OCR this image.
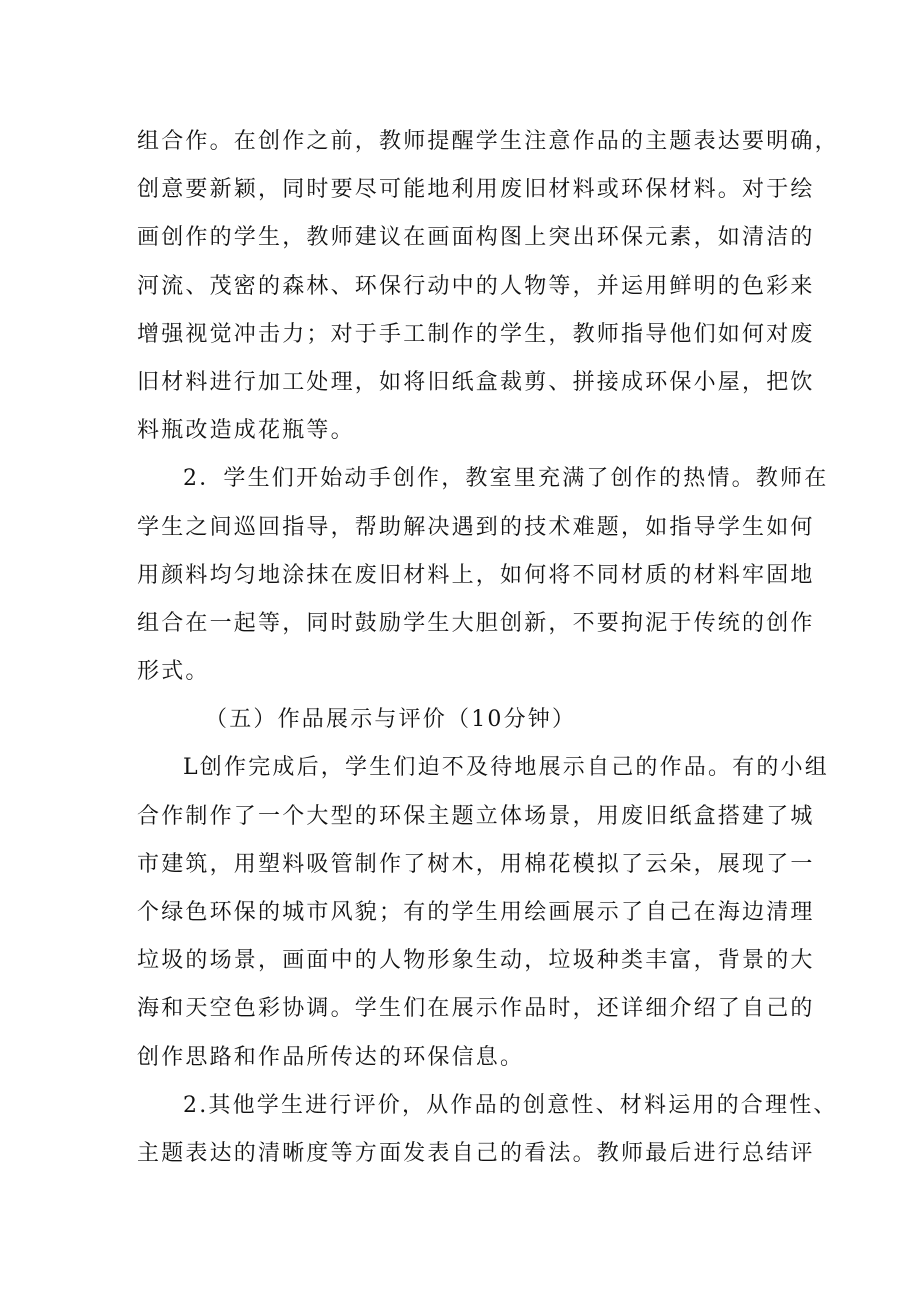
组合作。在创作之前，教师提醒学生注意作品的主题表达要明确，
创意要新颖，同时要尽可能地利用废旧材料或环保材料。对于绘
画创作的学生，教师建议在画面构图上突出环保元素，如清洁的
河流、茂密的森林、环保行动中的人物等，并运用鲜明的色彩来
增强视觉冲击力；对于手工制作的学生，教师指导他们如何对废
旧材料进行加工处理，如将旧纸盒裁剪、拼接成环保小屋，把饮
料瓶改造成花瓶等。
2．学生们开始动手创作，教室里充满了创作的热情。教师在
学生之间巡回指导，帮助解决遇到的技术难题，如指导学生如何
用颜料均匀地涂抹在废旧材料上，如何将不同材质的材料牢固地
组合在一起等，同时鼓励学生大胆创新，不要拘泥于传统的创作
形式。
（五）作品展示与评价（10分钟）
L创作完成后，学生们迫不及待地展示自己的作品。有的小组
合作制作了一个大型的环保主题立体场景，用废旧纸盒搭建了城
市建筑，用塑料吸管制作了树木，用棉花模拟了云朵，展现了一
个绿色环保的城市风貌；有的学生用绘画展示了自己在海边清理
垃圾的场景，画面中的人物形象生动，垃圾种类丰富，背景的大
海和天空色彩协调。学生们在展示作品时，还详细介绍了自己的
创作思路和作品所传达的环保信息。
2.其他学生进行评价，从作品的创意性、材料运用的合理性、
主题表达的清晰度等方面发表自己的看法。教师最后进行总结评
